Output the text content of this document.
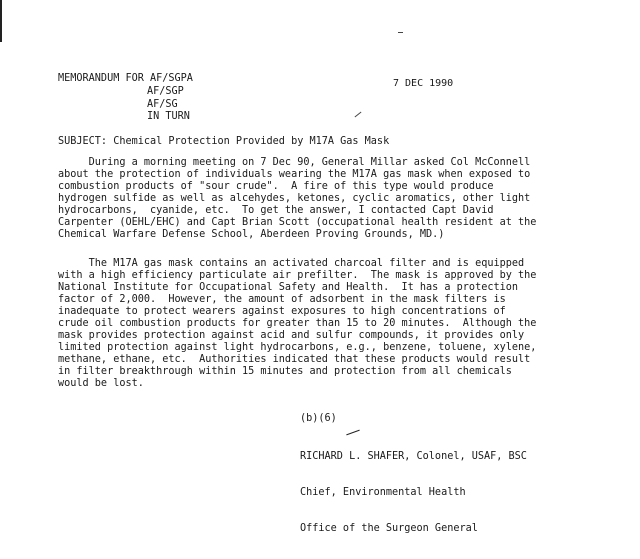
MEMORANDUM FOR AF/SGPA
AF/SGP
AF/SG
IN TURN
7 DEC 1990
SUBJECT: Chemical Protection Provided by M17A Gas Mask
During a morning meeting on 7 Dec 90, General Millar asked Col McConnell
about the protection of individuals wearing the M17A gas mask when exposed to
combustion products of "sour crude".  A fire of this type would produce
hydrogen sulfide as well as alcehydes, ketones, cyclic aromatics, other light
hydrocarbons,  cyanide, etc.  To get the answer, I contacted Capt David
Carpenter (OEHL/EHC) and Capt Brian Scott (occupational health resident at the
Chemical Warfare Defense School, Aberdeen Proving Grounds, MD.)
The M17A gas mask contains an activated charcoal filter and is equipped
with a high efficiency particulate air prefilter.  The mask is approved by the
National Institute for Occupational Safety and Health.  It has a protection
factor of 2,000.  However, the amount of adsorbent in the mask filters is
inadequate to protect wearers against exposures to high concentrations of
crude oil combustion products for greater than 15 to 20 minutes.  Although the
mask provides protection against acid and sulfur compounds, it provides only
limited protection against light hydrocarbons, e.g., benzene, toluene, xylene,
methane, ethane, etc.  Authorities indicated that these products would result
in filter breakthrough within 15 minutes and protection from all chemicals
would be lost.
(b)(6)

RICHARD L. SHAFER, Colonel, USAF, BSC

Chief, Environmental Health

Office of the Surgeon General
